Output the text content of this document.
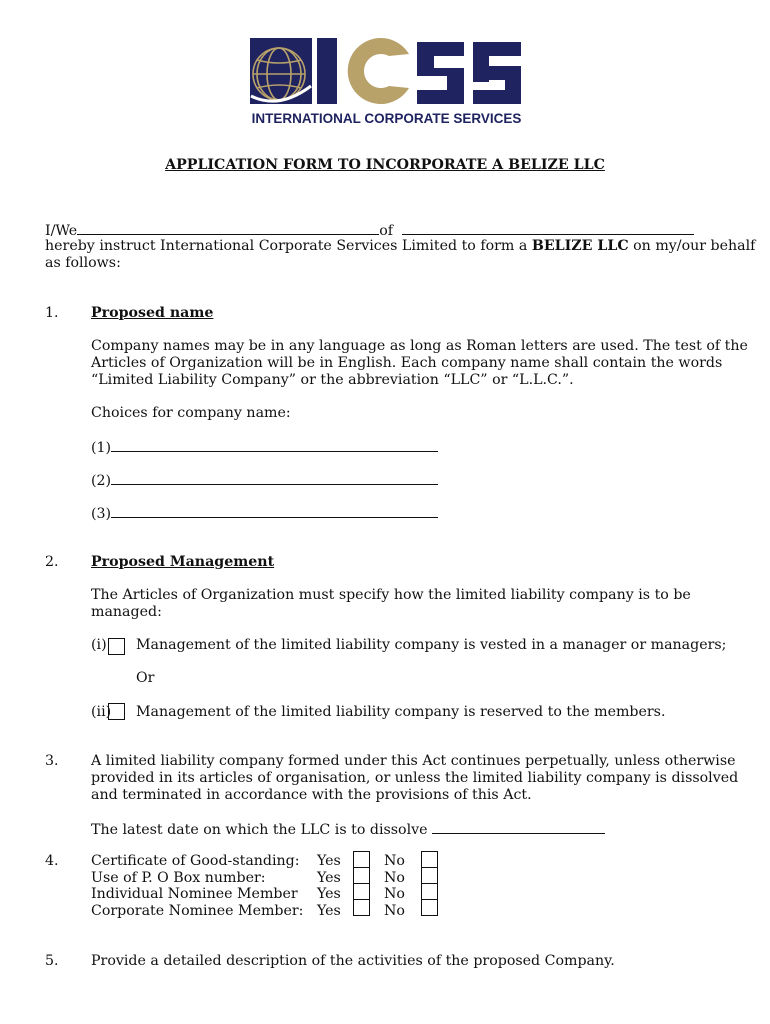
INTERNATIONAL CORPORATE SERVICES
APPLICATION FORM TO INCORPORATE A BELIZE LLC
I/We	of
hereby instruct International Corporate Services Limited to form a BELIZE LLC on my/our behalf
as follows:
1. Proposed name
Company names may be in any language as long as Roman letters are used. The test of the
Articles of Organization will be in English. Each company name shall contain the words
“Limited Liability Company” or the abbreviation “LLC” or “L.L.C.”.
Choices for company name:
(1)
(2)
(3)
2. Proposed Management
The Articles of Organization must specify how the limited liability company is to be
managed:
(i) Management of the limited liability company is vested in a manager or managers;
Or
(ii) Management of the limited liability company is reserved to the members.
3. A limited liability company formed under this Act continues perpetually, unless otherwise
provided in its articles of organisation, or unless the limited liability company is dissolved
and terminated in accordance with the provisions of this Act.
The latest date on which the LLC is to dissolve
4. Certificate of Good-standing: Yes	No
Use of P. O Box number:	Yes	No
Individual Nominee Member Yes	No
Corporate Nominee Member: Yes	No
5. Provide a detailed description of the activities of the proposed Company.
